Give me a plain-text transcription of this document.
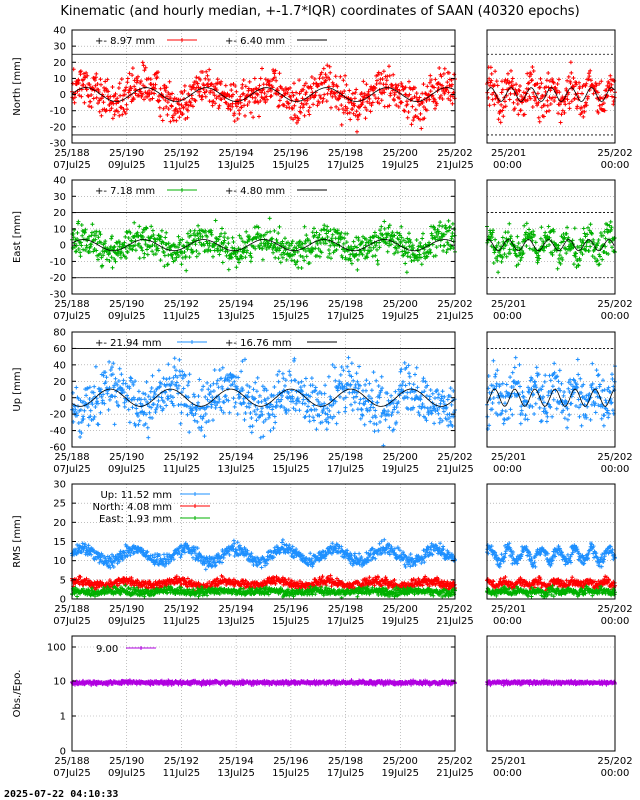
Kinematic (and hourly median, +-1.7*IQR) coordinates of SAAN (40320 epochs)
-30
-20
-10
0
10
20
30
40
North [mm]
25/188
07Jul25
25/190
09Jul25
25/192
11Jul25
25/194
13Jul25
25/196
15Jul25
25/198
17Jul25
25/200
19Jul25
25/202
21Jul25
25/201
00:00
25/202
00:00
+- 8.97 mm	+- 6.40 mm
-30
-20
-10
0
10
20
30
40
East [mm]
25/188
07Jul25
25/190
09Jul25
25/192
11Jul25
25/194
13Jul25
25/196
15Jul25
25/198
17Jul25
25/200
19Jul25
25/202
21Jul25
25/201
00:00
25/202
00:00
+- 7.18 mm	+- 4.80 mm
-60
-40
-20
0
20
40
60
80
Up [mm]
25/188
07Jul25
25/190
09Jul25
25/192
11Jul25
25/194
13Jul25
25/196
15Jul25
25/198
17Jul25
25/200
19Jul25
25/202
21Jul25
25/201
00:00
25/202
00:00
+- 21.94 mm	+- 16.76 mm
0
5
10
15
20
25
30
RMS [mm]
25/188
07Jul25
25/190
09Jul25
25/192
11Jul25
25/194
13Jul25
25/196
15Jul25
25/198
17Jul25
25/200
19Jul25
25/202
21Jul25
25/201
00:00
25/202
00:00
Up: 11.52 mm
North: 4.08 mm
East: 1.93 mm
0
1
10
100
Obs./Epo.
25/188
07Jul25
25/190
09Jul25
25/192
11Jul25
25/194
13Jul25
25/196
15Jul25
25/198
17Jul25
25/200
19Jul25
25/202
21Jul25
25/201
00:00
25/202
00:00
9.00
2025-07-22 04:10:33
